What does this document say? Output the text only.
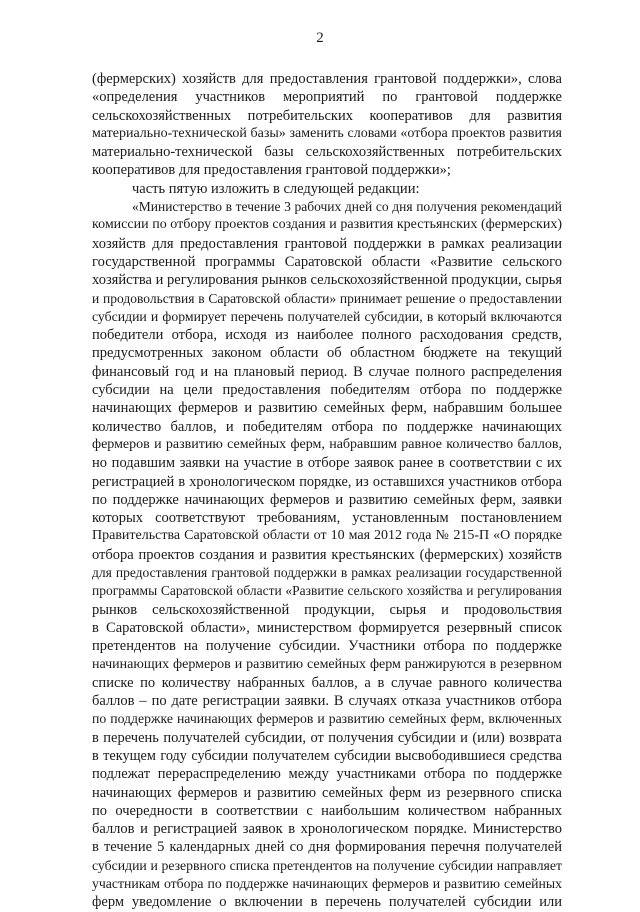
2
(фермерских) хозяйств для предоставления грантовой поддержки», слова
«определения участников мероприятий по грантовой поддержке
сельскохозяйственных потребительских кооперативов для развития
материально-технической базы» заменить словами «отбора проектов развития
материально-технической базы сельскохозяйственных потребительских
кооперативов для предоставления грантовой поддержки»;
часть пятую изложить в следующей редакции:
«Министерство в течение 3 рабочих дней со дня получения рекомендаций
комиссии по отбору проектов создания и развития крестьянских (фермерских)
хозяйств для предоставления грантовой поддержки в рамках реализации
государственной программы Саратовской области «Развитие сельского
хозяйства и регулирования рынков сельскохозяйственной продукции, сырья
и продовольствия в Саратовской области» принимает решение о предоставлении
субсидии и формирует перечень получателей субсидии, в который включаются
победители отбора, исходя из наиболее полного расходования средств,
предусмотренных законом области об областном бюджете на текущий
финансовый год и на плановый период. В случае полного распределения
субсидии на цели предоставления победителям отбора по поддержке
начинающих фермеров и развитию семейных ферм, набравшим большее
количество баллов, и победителям отбора по поддержке начинающих
фермеров и развитию семейных ферм, набравшим равное количество баллов,
но подавшим заявки на участие в отборе заявок ранее в соответствии с их
регистрацией в хронологическом порядке, из оставшихся участников отбора
по поддержке начинающих фермеров и развитию семейных ферм, заявки
которых соответствуют требованиям, установленным постановлением
Правительства Саратовской области от 10 мая 2012 года № 215-П «О порядке
отбора проектов создания и развития крестьянских (фермерских) хозяйств
для предоставления грантовой поддержки в рамках реализации государственной
программы Саратовской области «Развитие сельского хозяйства и регулирования
рынков сельскохозяйственной продукции, сырья и продовольствия
в Саратовской области», министерством формируется резервный список
претендентов на получение субсидии. Участники отбора по поддержке
начинающих фермеров и развитию семейных ферм ранжируются в резервном
списке по количеству набранных баллов, а в случае равного количества
баллов – по дате регистрации заявки. В случаях отказа участников отбора
по поддержке начинающих фермеров и развитию семейных ферм, включенных
в перечень получателей субсидии, от получения субсидии и (или) возврата
в текущем году субсидии получателем субсидии высвободившиеся средства
подлежат перераспределению между участниками отбора по поддержке
начинающих фермеров и развитию семейных ферм из резервного списка
по очередности в соответствии с наибольшим количеством набранных
баллов и регистрацией заявок в хронологическом порядке. Министерство
в течение 5 календарных дней со дня формирования перечня получателей
субсидии и резервного списка претендентов на получение субсидии направляет
участникам отбора по поддержке начинающих фермеров и развитию семейных
ферм уведомление о включении в перечень получателей субсидии или
